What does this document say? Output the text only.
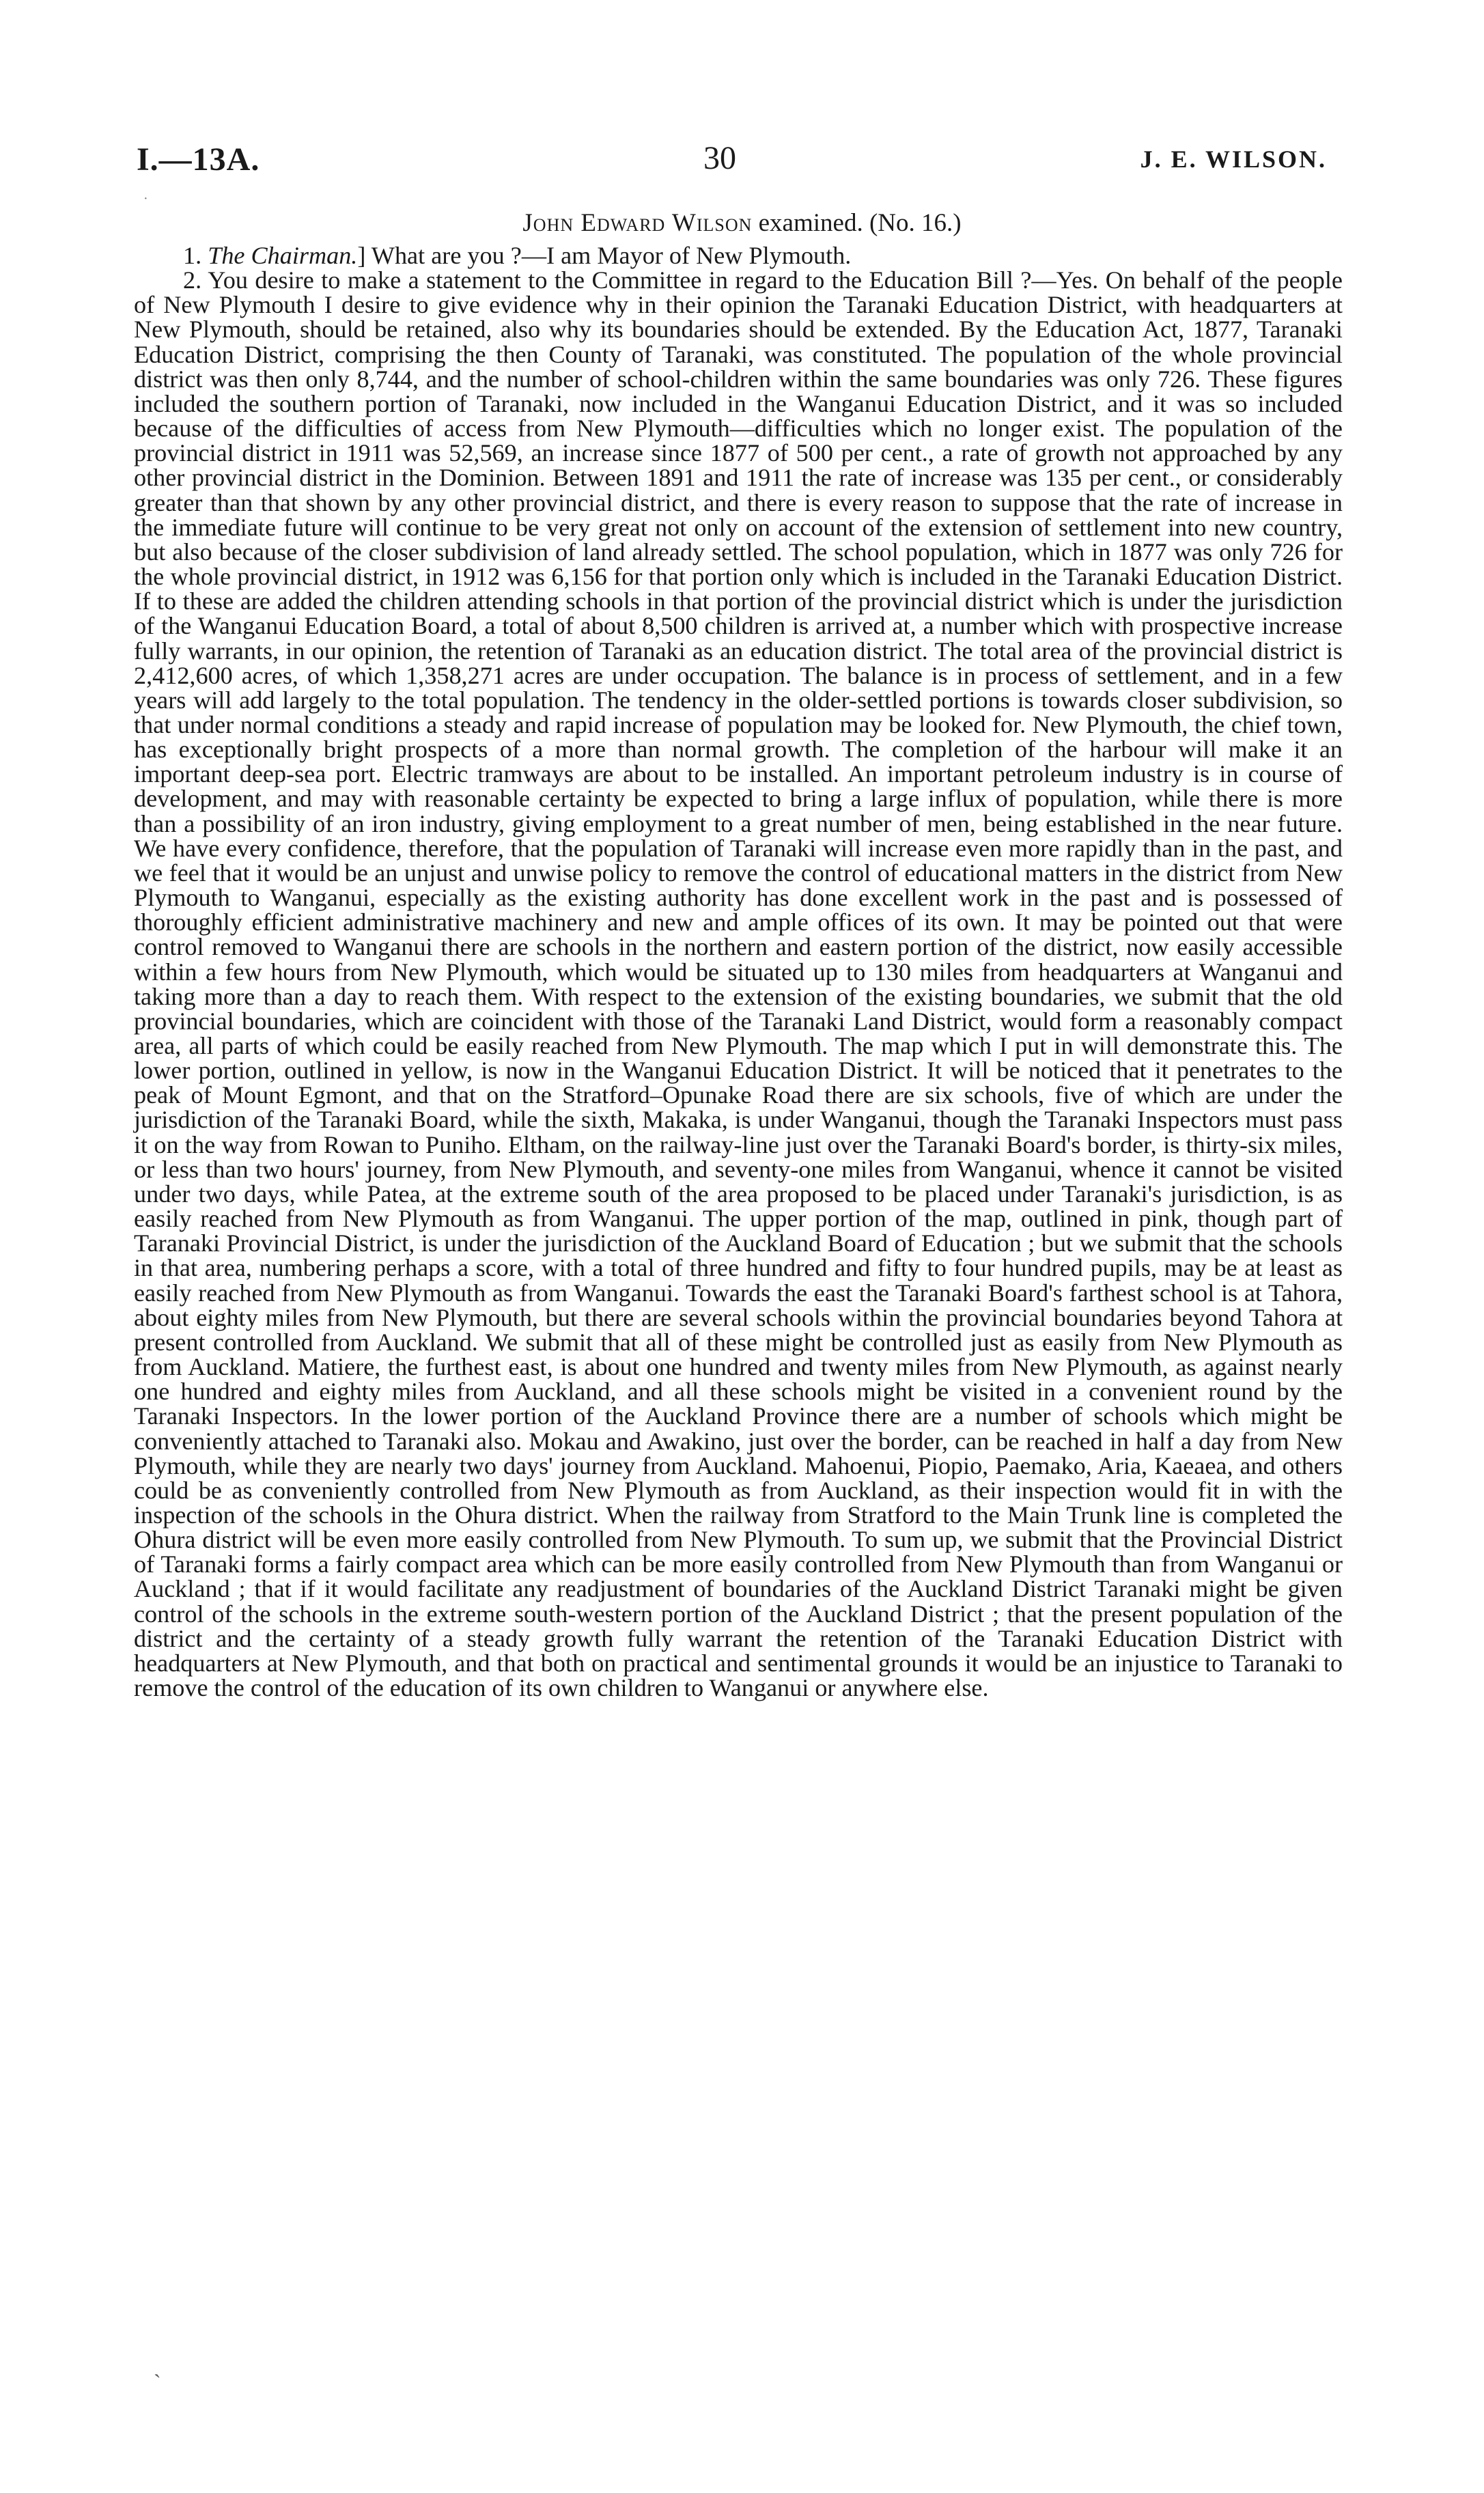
I.—13A.	30	J. E. WILSON.
·
John Edward Wilson examined. (No. 16.)

1. The Chairman.] What are you ?—I am Mayor of New Plymouth.

2. You desire to make a statement to the Committee in regard to the Education Bill ?—Yes. On behalf of the people of New Plymouth I desire to give evidence why in their opinion the Taranaki Education District, with headquarters at New Plymouth, should be retained, also why its boundaries should be extended. By the Education Act, 1877, Taranaki Education District, comprising the then County of Taranaki, was constituted. The population of the whole provincial district was then only 8,744, and the number of school-children within the same boundaries was only 726. These figures included the southern portion of Taranaki, now included in the Wanganui Education District, and it was so included because of the difficulties of access from New Plymouth—difficulties which no longer exist. The population of the provincial district in 1911 was 52,569, an increase since 1877 of 500 per cent., a rate of growth not approached by any other provincial district in the Dominion. Between 1891 and 1911 the rate of increase was 135 per cent., or considerably greater than that shown by any other provincial district, and there is every reason to suppose that the rate of increase in the immediate future will continue to be very great not only on account of the extension of settlement into new country, but also because of the closer subdivision of land already settled. The school population, which in 1877 was only 726 for the whole provincial district, in 1912 was 6,156 for that portion only which is included in the Taranaki Education District. If to these are added the children attending schools in that portion of the provincial district which is under the jurisdiction of the Wanganui Education Board, a total of about 8,500 children is arrived at, a number which with prospective increase fully warrants, in our opinion, the retention of Taranaki as an education district. The total area of the provincial district is 2,412,600 acres, of which 1,358,271 acres are under occupation. The balance is in process of settlement, and in a few years will add largely to the total population. The tendency in the older-settled portions is towards closer subdivision, so that under normal conditions a steady and rapid increase of population may be looked for. New Plymouth, the chief town, has exceptionally bright prospects of a more than normal growth. The completion of the harbour will make it an important deep-sea port. Electric tramways are about to be installed. An important petroleum industry is in course of development, and may with reasonable certainty be expected to bring a large influx of population, while there is more than a possibility of an iron industry, giving employment to a great number of men, being established in the near future. We have every confidence, therefore, that the population of Taranaki will increase even more rapidly than in the past, and we feel that it would be an unjust and unwise policy to remove the control of educational matters in the district from New Plymouth to Wanganui, especially as the existing authority has done excellent work in the past and is possessed of thoroughly efficient administrative machinery and new and ample offices of its own. It may be pointed out that were control removed to Wanganui there are schools in the northern and eastern portion of the district, now easily accessible within a few hours from New Plymouth, which would be situated up to 130 miles from headquarters at Wanganui and taking more than a day to reach them. With respect to the extension of the existing boundaries, we submit that the old provincial boundaries, which are coincident with those of the Taranaki Land District, would form a reasonably compact area, all parts of which could be easily reached from New Plymouth. The map which I put in will demonstrate this. The lower portion, outlined in yellow, is now in the Wanganui Education District. It will be noticed that it penetrates to the peak of Mount Egmont, and that on the Stratford–Opunake Road there are six schools, five of which are under the jurisdiction of the Taranaki Board, while the sixth, Makaka, is under Wanganui, though the Taranaki Inspectors must pass it on the way from Rowan to Puniho. Eltham, on the railway-line just over the Taranaki Board's border, is thirty-six miles, or less than two hours' journey, from New Plymouth, and seventy-one miles from Wanganui, whence it cannot be visited under two days, while Patea, at the extreme south of the area proposed to be placed under Taranaki's jurisdiction, is as easily reached from New Plymouth as from Wanganui. The upper portion of the map, outlined in pink, though part of Taranaki Provincial District, is under the jurisdiction of the Auckland Board of Education ; but we submit that the schools in that area, numbering perhaps a score, with a total of three hundred and fifty to four hundred pupils, may be at least as easily reached from New Plymouth as from Wanganui. Towards the east the Taranaki Board's farthest school is at Tahora, about eighty miles from New Plymouth, but there are several schools within the provincial boundaries beyond Tahora at present controlled from Auckland. We submit that all of these might be controlled just as easily from New Plymouth as from Auckland. Matiere, the furthest east, is about one hundred and twenty miles from New Plymouth, as against nearly one hundred and eighty miles from Auckland, and all these schools might be visited in a convenient round by the Taranaki Inspectors. In the lower portion of the Auckland Province there are a number of schools which might be conveniently attached to Taranaki also. Mokau and Awakino, just over the border, can be reached in half a day from New Plymouth, while they are nearly two days' journey from Auckland. Mahoenui, Piopio, Paemako, Aria, Kaeaea, and others could be as conveniently controlled from New Plymouth as from Auckland, as their inspection would fit in with the inspection of the schools in the Ohura district. When the railway from Stratford to the Main Trunk line is completed the Ohura district will be even more easily controlled from New Plymouth. To sum up, we submit that the Provincial District of Taranaki forms a fairly compact area which can be more easily controlled from New Plymouth than from Wanganui or Auckland ; that if it would facilitate any readjustment of boundaries of the Auckland District Taranaki might be given control of the schools in the extreme south-western portion of the Auckland District ; that the present population of the district and the certainty of a steady growth fully warrant the retention of the Taranaki Education District with headquarters at New Plymouth, and that both on practical and sentimental grounds it would be an injustice to Taranaki to remove the control of the education of its own children to Wanganui or anywhere else.

ˎ
